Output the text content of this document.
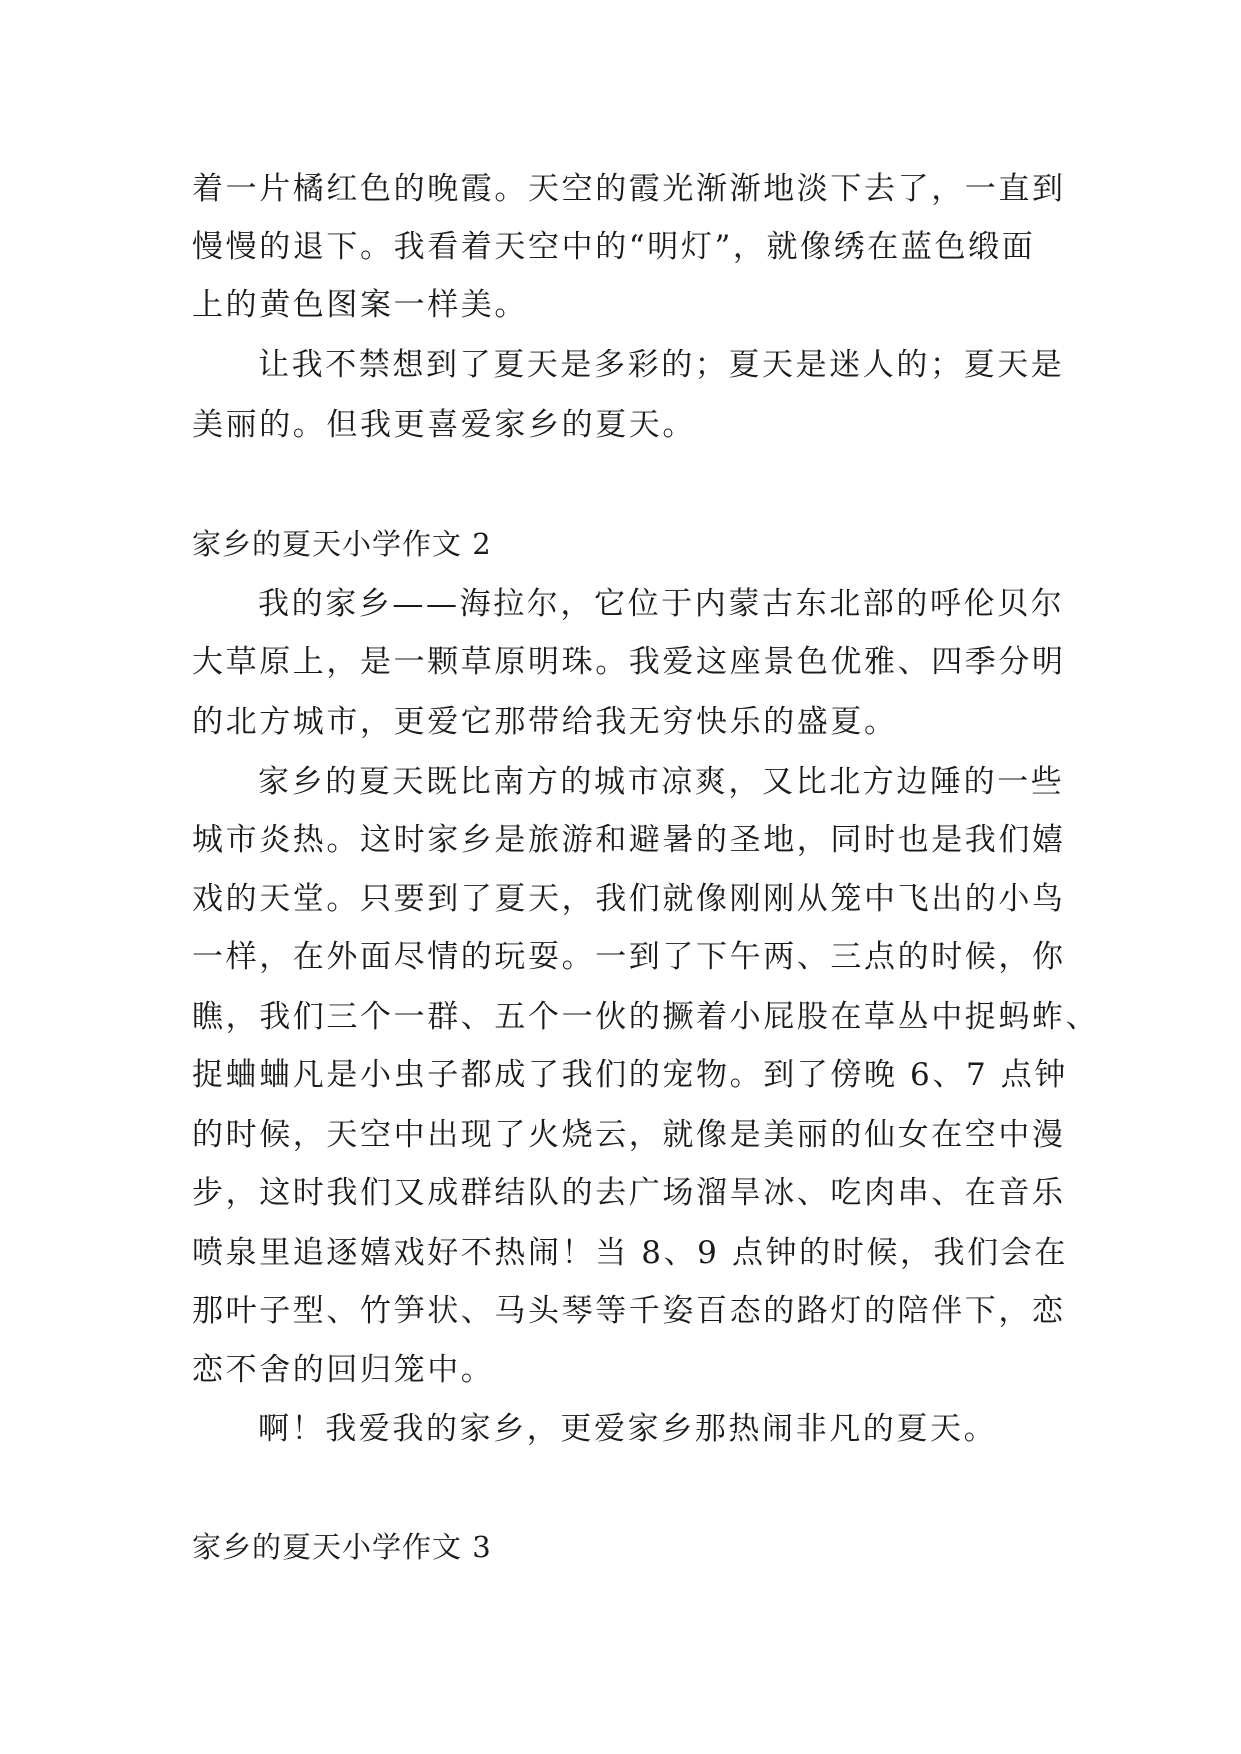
着一片橘红色的晚霞。天空的霞光渐渐地淡下去了，一直到
慢慢的退下。我看着天空中的“明灯”，就像绣在蓝色缎面
上的黄色图案一样美。
让我不禁想到了夏天是多彩的；夏天是迷人的；夏天是
美丽的。但我更喜爱家乡的夏天。
家乡的夏天小学作文 2
我的家乡——海拉尔，它位于内蒙古东北部的呼伦贝尔
大草原上，是一颗草原明珠。我爱这座景色优雅、四季分明
的北方城市，更爱它那带给我无穷快乐的盛夏。
家乡的夏天既比南方的城市凉爽，又比北方边陲的一些
城市炎热。这时家乡是旅游和避暑的圣地，同时也是我们嬉
戏的天堂。只要到了夏天，我们就像刚刚从笼中飞出的小鸟
一样，在外面尽情的玩耍。一到了下午两、三点的时候，你
瞧，我们三个一群、五个一伙的撅着小屁股在草丛中捉蚂蚱、
捉蛐蛐凡是小虫子都成了我们的宠物。到了傍晚 6、7 点钟
的时候，天空中出现了火烧云，就像是美丽的仙女在空中漫
步，这时我们又成群结队的去广场溜旱冰、吃肉串、在音乐
喷泉里追逐嬉戏好不热闹！当 8、9 点钟的时候，我们会在
那叶子型、竹笋状、马头琴等千姿百态的路灯的陪伴下，恋
恋不舍的回归笼中。
啊！我爱我的家乡，更爱家乡那热闹非凡的夏天。
家乡的夏天小学作文 3
